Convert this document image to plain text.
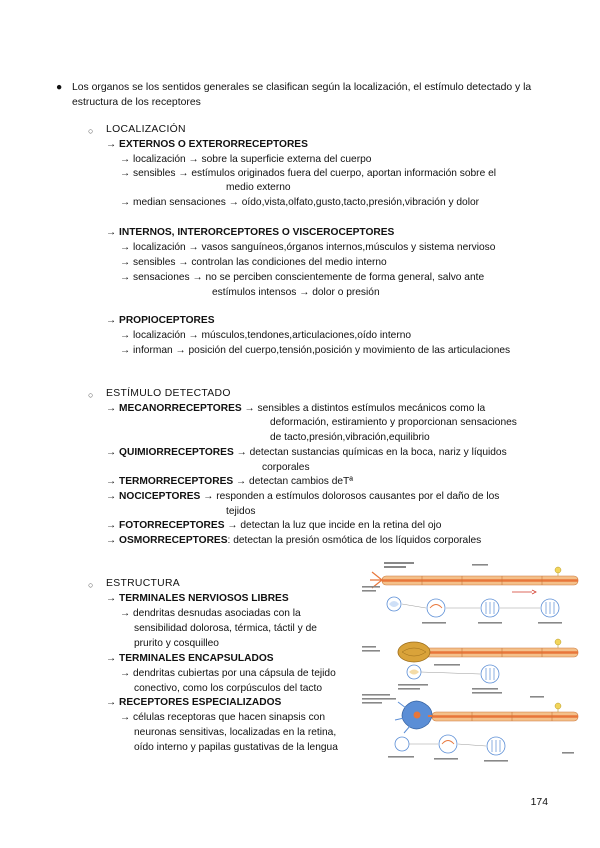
● Los organos se los sentidos generales se clasifican según la localización, el estímulo detectado y la estructura de los receptores
○ LOCALIZACIÓN
→ EXTERNOS O EXTERORRECEPTORES
→ localización → sobre la superficie externa del cuerpo
→ sensibles → estímulos originados fuera del cuerpo, aportan información sobre el
medio externo
→ median sensaciones → oído,vista,olfato,gusto,tacto,presión,vibración y dolor
→ INTERNOS, INTERORCEPTORES O VISCEROCEPTORES
→ localización → vasos sanguíneos,órganos internos,músculos y sistema nervioso
→ sensibles → controlan las condiciones del medio interno
→ sensaciones → no se perciben conscientemente de forma general, salvo ante
estímulos intensos → dolor o presión
→ PROPIOCEPTORES
→ localización → músculos,tendones,articulaciones,oído interno
→ informan → posición del cuerpo,tensión,posición y movimiento de las articulaciones
○ ESTÍMULO DETECTADO
→ MECANORRECEPTORES → sensibles a distintos estímulos mecánicos como la
deformación, estiramiento y proporcionan sensaciones
de tacto,presión,vibración,equilibrio
→ QUIMIORRECEPTORES → detectan sustancias químicas en la boca, nariz y líquidos
corporales
→ TERMORRECEPTORES → detectan cambios deTª
→ NOCICEPTORES → responden a estímulos dolorosos causantes por el daño de los
tejidos
→ FOTORRECEPTORES → detectan la luz que incide en la retina del ojo
→ OSMORRECEPTORES: detectan la presión osmótica de los líquidos corporales
○ ESTRUCTURA
→ TERMINALES NERVIOSOS LIBRES
→ dendritas desnudas asociadas con la
sensibilidad dolorosa, térmica, táctil y de
prurito y cosquilleo
→ TERMINALES ENCAPSULADOS
→ dendritas cubiertas por una cápsula de tejido
conectivo, como los corpúsculos del tacto
→ RECEPTORES ESPECIALIZADOS
→ células receptoras que hacen sinapsis con
neuronas sensitivas, localizadas en la retina,
oído interno y papilas gustativas de la lengua
174
